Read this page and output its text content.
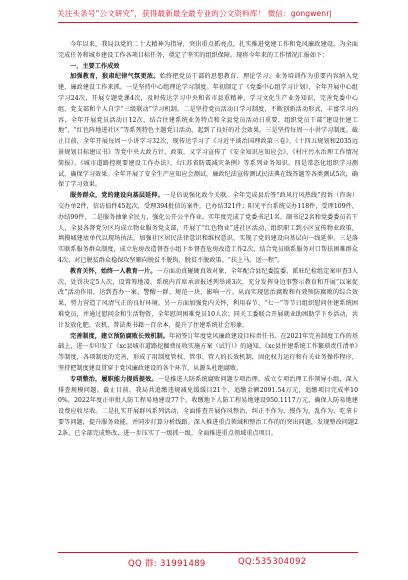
关注头条号“公文研究”，获得最新最全最专业的公文资料库！ 微信：gongwenrj

今年以来，我局以党的二十大精神为指导，突出重点抓亮点，扎实推进党建工作和党风廉政建设，为全面完成任务和城乡建设工作各项目标任务，奠定了坚实的组织保障。现将今年来的工作情况汇报如下：

一、主要工作成效

加强教育，狠肃纪律气氛更浓。始终把党员干部的思想教育、理论学习、业务培训作为重要内容纳入党建、廉政建设工作来抓。一是坚持中心组理论学习制度。年初制定了《党委中心组学习计划》，全年开展中心组学习24次，开展专题党课4次，及时传达学习中央和省市县重精神，学习文化生产业务知识，完善党委中心组、党支部和个人自学“三级联动”学习机制。二是坚持党员活动日学习制度，不断创新活动形式，丰富学习内容，全年开展党员活动日12次，结合住建系统业务特点和全县党员活动日重要，组织党员干部“建设住建工地”、“红色阵地进社区”等系列特色主题党日活动，起到了良好的社会效果。三是坚持每周一小讲学习制度。截止目前，全年开展每周一小讲学习32次，现传达学习了《习近平谈治国理政第三卷》、《十四五规划和2035远景规划目标建议书》等党中央大政方针、政策，又学习宣传了《安全知识应知应会》、《村庄污水治理工作情况简报》、《城市道路控规要建设工作办法》、《江苏省防震减灾条例》等系列业务知识。四是常态化组织学习测试，确保学习效果。全年开展了安全生产应知应会测试、廉政纪法宣传测试民法典在线答题等各类测试5次，确保了学习效果。

服务群众，党的建设向基层延伸。一是倍说强化政令关联。全年完成县后签“政风行风热线”投诉（咨询）交办单2件，信访值件45起次，受理394批信访案件，已办结321件；阳光平台系统交办118件，受理109件，办结99件，二是服务抽象全民力，强化公开公平作业。实年度完成了党委书记1名、副书记2名和党委委员若干人，全县各督党分区均成立物业服务党支部，开展了“红色物业”进社区活动，组织职工到小区宣传物业政策，填摸城建底单代以现场执法，加强社区居民法律意识和维权意识，实现了党的建设向基层向一线延伸。三是落实联系服务群众制度，成立危房改造督查小组下乡督查危房改造工作2次，结合党员联系服务对口帮扶困难群众4次，对已脱贫群众稳保攻坚顺向脱贫不脱钩、脱贫不脱政策。“扶上马、送一程”。

教育关怀，始终一人教育一片。一方面动真碰硬真效对象，全年配合县纪委监委、派驻纪检组定案审查3人次，处罚决定5人次，设置筹地凌、系统内首席承谚报述列举谈3次，充分发挥身边事警示教育和开展“以案促改”活动作用，达到查办一案、警醒一群、规范一块、影响一片。从而实现惩治腐败和有效预防腐败的综合效果，努力营造了风清气正的良好环境。另一方面加强党内关怀，利用春节、“七一”等节日组织慰问住建系统困难党员，并通过慰问金和生活物资，全年慰问困难党员10人次；同关工委联合开展就业助困助学下乡活动，共计发放化肥、农机、普法类书籍一百余本，提升了住建系统社会形象。

完善制度，建立预防腐败长效机制。年初签订年度党风廉政建设目标责任书。在2021年完善制度工作的基础上，进一步印发了《xc县城市道路挖掘费征收实施方案（试行）》的通知、《xc县住建系统工作繁琐责任清单》等制度，各项制度的完善，形成了用制度管权、管事、管人的长效机制，固化权力运行和有关业务操作程序，坚持把制度建设贯穿于党风廉政建设的各个环节，从源头杜绝腐败。

专项整治，履职能力提质提效。一是推进人防系统腐败问题专项治理。成立专项治理工作领导小组，深入排查规模问题。截止目前，我局共追缴违规减免缓缓目21个，追缴金额2091.54万元，追缴项目完成率100%，2022年度正审批人防工程易地建设77个，收缴地下人防工程易地建设950.1117万元，确保人防易地建设费应收尽收。二是扎实开展群风系列活动，全面排查开展作风整治，纠正不作为、慢作为、乱作为、吃拿卡要等问题，提升服务效能，并同步打算分析线路。深入推进重点领域和整治工作的的突出问题，发现整改问题22条，已全部完成整改，进一步压实了一级抓一级，全面推进重点领域重点项目。

QQ 群: 31991489	QQ:535304092
